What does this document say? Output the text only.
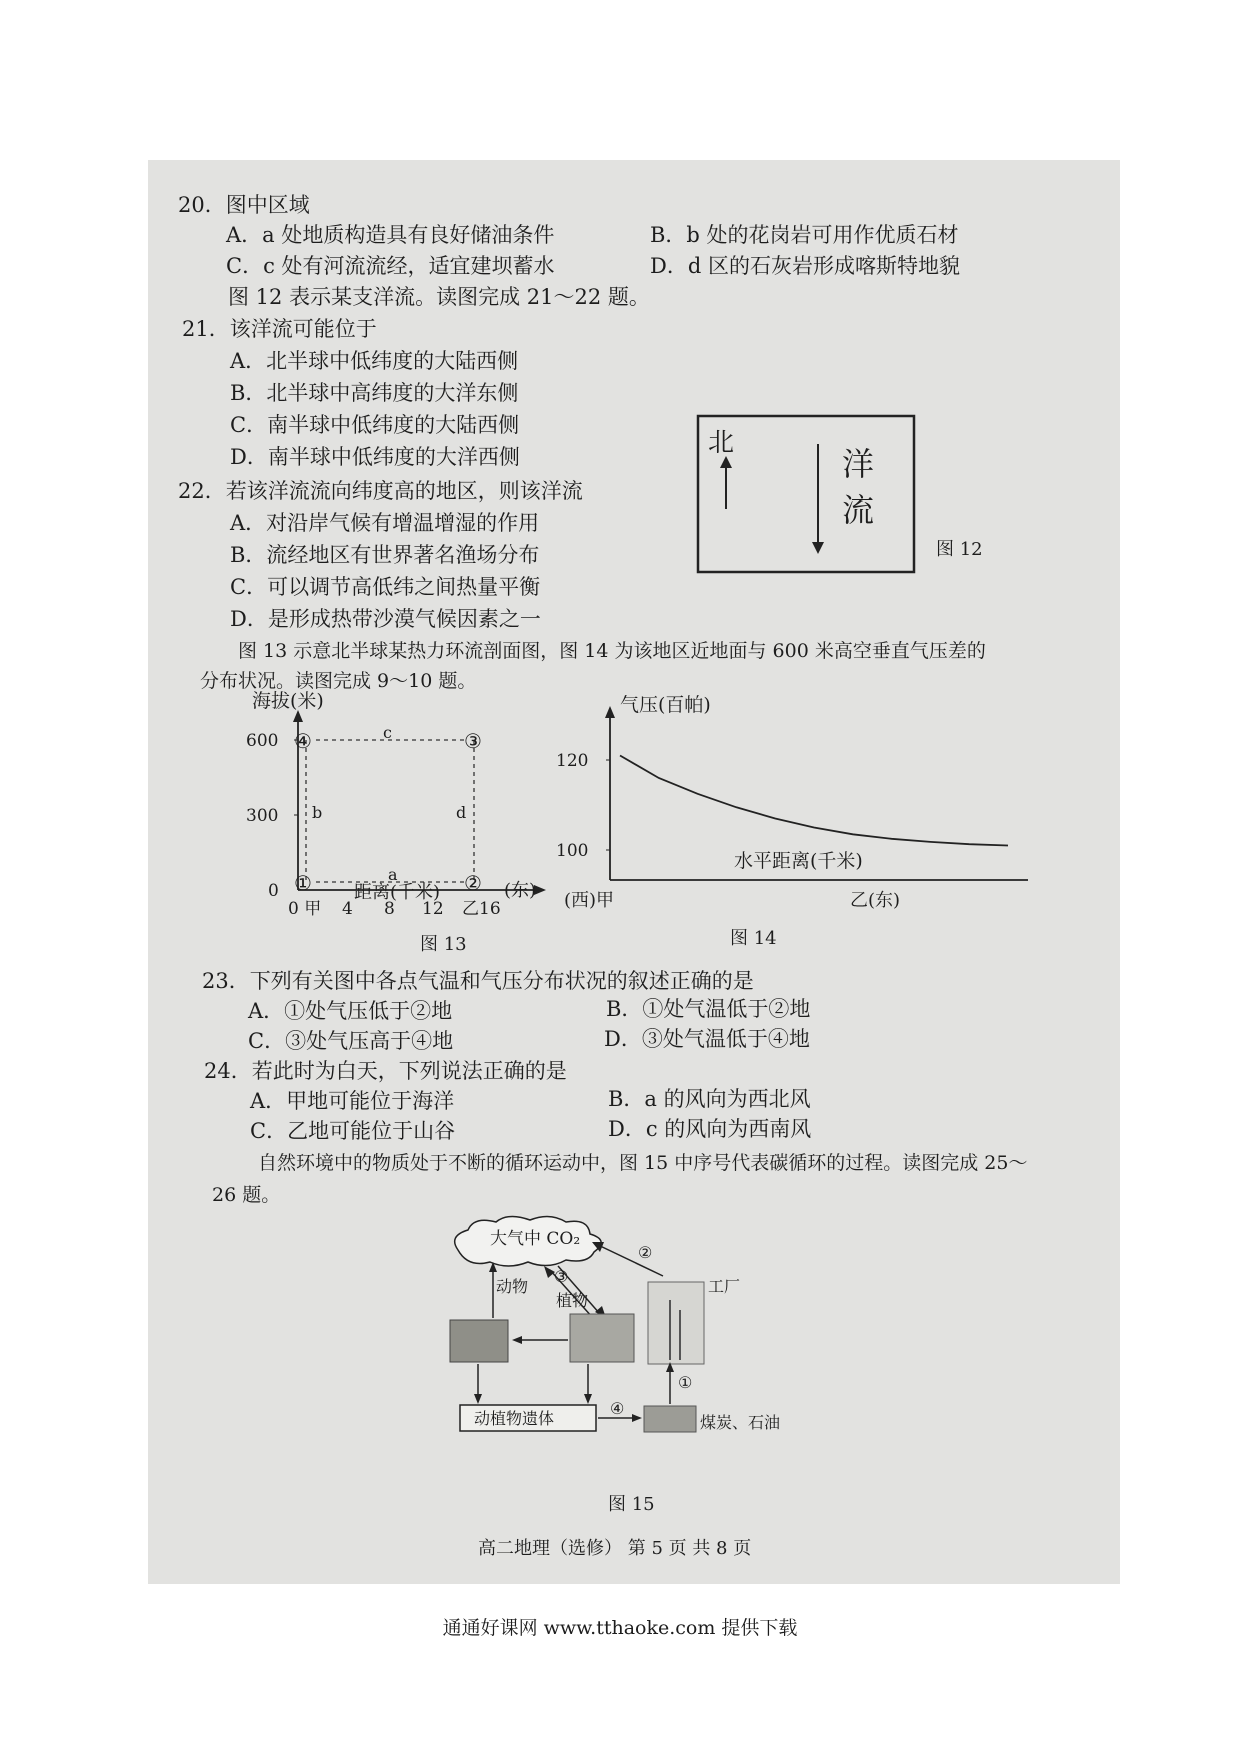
20．图中区域
A．a 处地质构造具有良好储油条件	B．b 处的花岗岩可用作优质石材
C．c 处有河流流经，适宜建坝蓄水	D．d 区的石灰岩形成喀斯特地貌
图 12 表示某支洋流。读图完成 21～22 题。
21．该洋流可能位于
A．北半球中低纬度的大陆西侧
B．北半球中高纬度的大洋东侧
C．南半球中低纬度的大陆西侧
D．南半球中低纬度的大洋西侧	北
洋
流
图 12
22．若该洋流流向纬度高的地区，则该洋流
A．对沿岸气候有增温增湿的作用
B．流经地区有世界著名渔场分布
C．可以调节高低纬之间热量平衡
D．是形成热带沙漠气候因素之一
图 13 示意北半球某热力环流剖面图，图 14 为该地区近地面与 600 米高空垂直气压差的
分布状况。读图完成 9～10 题。
海拔(米)
600
300
0
④	③
①	②
c
b	d
a
距离(千米)	(东)
0 甲 4 8 12 乙16
图 13
气压(百帕)
120
100	水平距离(千米)
(西)甲	乙(东)
图 14
23．下列有关图中各点气温和气压分布状况的叙述正确的是
A．①处气压低于②地	B．①处气温低于②地
C．③处气压高于④地	D．③处气温低于④地
24．若此时为白天，下列说法正确的是
A．甲地可能位于海洋	B．a 的风向为西北风
C．乙地可能位于山谷	D．c 的风向为西南风
自然环境中的物质处于不断的循环运动中，图 15 中序号代表碳循环的过程。读图完成 25～
26 题。
大气中 CO₂
动物
植物
工厂
动植物遗体	煤炭、石油
③
②
①
④
图 15
高二地理（选修） 第 5 页 共 8 页
通通好课网 www.tthaoke.com 提供下载
